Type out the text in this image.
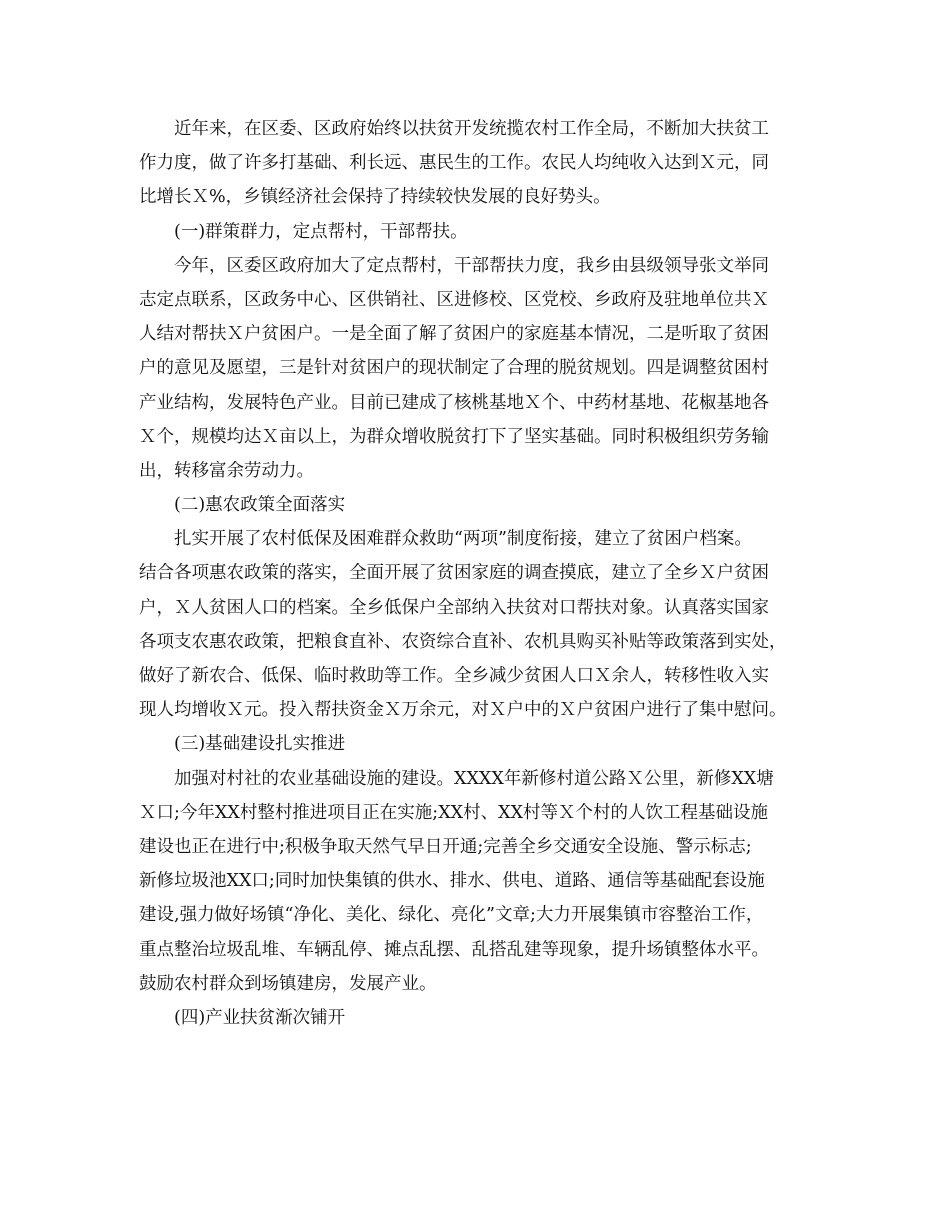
近年来，在区委、区政府始终以扶贫开发统揽农村工作全局，不断加大扶贫工
作力度，做了许多打基础、利长远、惠民生的工作。农民人均纯收入达到Ｘ元，同
比增长Ｘ%，乡镇经济社会保持了持续较快发展的良好势头。
(一)群策群力，定点帮村，干部帮扶。
今年，区委区政府加大了定点帮村，干部帮扶力度，我乡由县级领导张文举同
志定点联系，区政务中心、区供销社、区进修校、区党校、乡政府及驻地单位共Ｘ
人结对帮扶Ｘ户贫困户。一是全面了解了贫困户的家庭基本情况，二是听取了贫困
户的意见及愿望，三是针对贫困户的现状制定了合理的脱贫规划。四是调整贫困村
产业结构，发展特色产业。目前已建成了核桃基地Ｘ个、中药材基地、花椒基地各
Ｘ个，规模均达Ｘ亩以上，为群众增收脱贫打下了坚实基础。同时积极组织劳务输
出，转移富余劳动力。
(二)惠农政策全面落实
扎实开展了农村低保及困难群众救助“两项”制度衔接，建立了贫困户档案。
结合各项惠农政策的落实，全面开展了贫困家庭的调查摸底，建立了全乡Ｘ户贫困
户，Ｘ人贫困人口的档案。全乡低保户全部纳入扶贫对口帮扶对象。认真落实国家
各项支农惠农政策，把粮食直补、农资综合直补、农机具购买补贴等政策落到实处，
做好了新农合、低保、临时救助等工作。全乡减少贫困人口Ｘ余人，转移性收入实
现人均增收Ｘ元。投入帮扶资金Ｘ万余元，对Ｘ户中的Ｘ户贫困户进行了集中慰问。
(三)基础建设扎实推进
加强对村社的农业基础设施的建设。XXXX年新修村道公路Ｘ公里，新修XX塘
Ｘ口;今年XX村整村推进项目正在实施;XX村、XX村等Ｘ个村的人饮工程基础设施
建设也正在进行中;积极争取天然气早日开通;完善全乡交通安全设施、警示标志;
新修垃圾池XX口;同时加快集镇的供水、排水、供电、道路、通信等基础配套设施
建设,强力做好场镇“净化、美化、绿化、亮化”文章;大力开展集镇市容整治工作，
重点整治垃圾乱堆、车辆乱停、摊点乱摆、乱搭乱建等现象，提升场镇整体水平。
鼓励农村群众到场镇建房，发展产业。
(四)产业扶贫渐次铺开
